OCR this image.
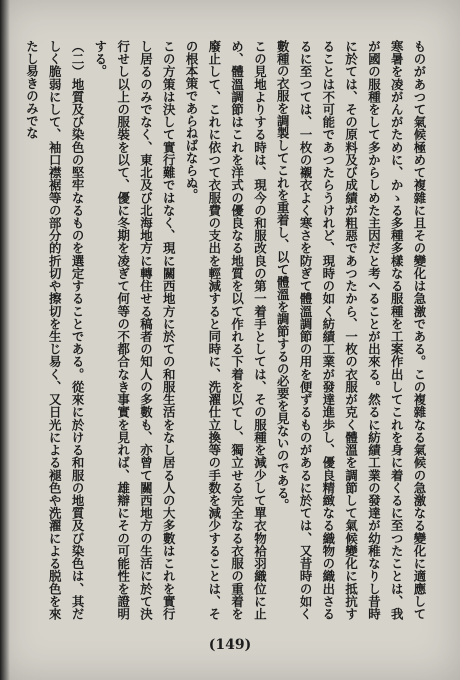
ものがあつて氣候極めて複雜に且その變化は急激である。この複雜なる氣候の急激なる變化に適應して寒暑を凌がんがために、かゝる多種多樣なる服種を工案作出してこれを身に着くるに至つたことは、我が國の服種をして多からしめた主因だと考へることが出來る。然るに紡績工業の發達が幼稚なりし昔時に於ては、その原料及び成績が粗惡であつたから、一枚の衣服が克く體溫を調節して氣候變化に抵抗することは不可能であつたらうけれど、現時の如く紡績工業が發達進歩し、優良精緻なる織物の織出さるるに至つては、一枚の襯衣よく寒さを防ぎて體溫調節の用を便ずるものがあるに於ては、又昔時の如く數種の衣服を調製してこれを重着し、以て體溫を調節するの必要を見ないのである。

この見地よりする時は、現今の和服改良の第一着手としては、その服種を減少して單衣物袷羽織位に止め、體溫調節はこれを洋式の優良なる地質を以て作れる下着を以てし、獨立せる完全なる衣服の重着を廢止して、これに依つて衣服費の支出を輕減すると同時に、洗濯仕立換等の手数を減少することは、その根本策であらねばならぬ。

この方策は決して實行難ではなく、現に關西地方に於ての和服生活をなし居る人の大多數はこれを實行し居るのみでなく、東北及び北海地方に轉住せる稿者の知人の多數も、亦曾て關西地方の生活に於て決行せし以上の服裝を以て、優に冬期を凌ぎて何等の不都合なき事實を見れば、雄辯にその可能性を證明する。

（二）地質及び染色の堅牢なるものを選定することである。從來に於ける和服の地質及び染色は、其だしく脆弱にして、袖口襟裾等の部分的折切や擦切を生じ易く、又日光による褪色や洗濯による脱色を來たし易きのみでな

(149)
